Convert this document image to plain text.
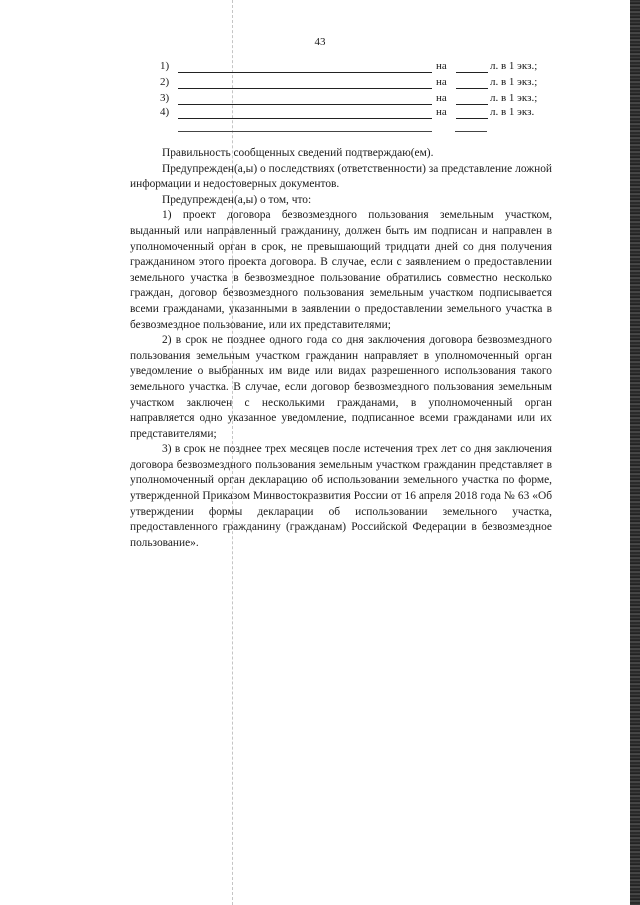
43
1)	на	л. в 1 экз.;
2)	на	л. в 1 экз.;
3)	на	л. в 1 экз.;
4)	на	л. в 1 экз.

Правильность сообщенных сведений подтверждаю(ем).

Предупрежден(а,ы) о последствиях (ответственности) за представление ложной информации и недостоверных документов.

Предупрежден(а,ы) о том, что:

1) проект договора безвозмездного пользования земельным участком, выданный или направленный гражданину, должен быть им подписан и направлен в уполномоченный орган в срок, не превышающий тридцати дней со дня получения гражданином этого проекта договора. В случае, если с заявлением о предоставлении земельного участка в безвозмездное пользование обратились совместно несколько граждан, договор безвозмездного пользования земельным участком подписывается всеми гражданами, указанными в заявлении о предоставлении земельного участка в безвозмездное пользование, или их представителями;

2) в срок не позднее одного года со дня заключения договора безвозмездного пользования земельным участком гражданин направляет в уполномоченный орган уведомление о выбранных им виде или видах разрешенного использования такого земельного участка. В случае, если договор безвозмездного пользования земельным участком заключен с несколькими гражданами, в уполномоченный орган направляется одно указанное уведомление, подписанное всеми гражданами или их представителями;

3) в срок не позднее трех месяцев после истечения трех лет со дня заключения договора безвозмездного пользования земельным участком гражданин представляет в уполномоченный орган декларацию об использовании земельного участка по форме, утвержденной Приказом Минвостокразвития России от 16 апреля 2018 года № 63 «Об утверждении формы декларации об использовании земельного участка, предоставленного гражданину (гражданам) Российской Федерации в безвозмездное пользование».
